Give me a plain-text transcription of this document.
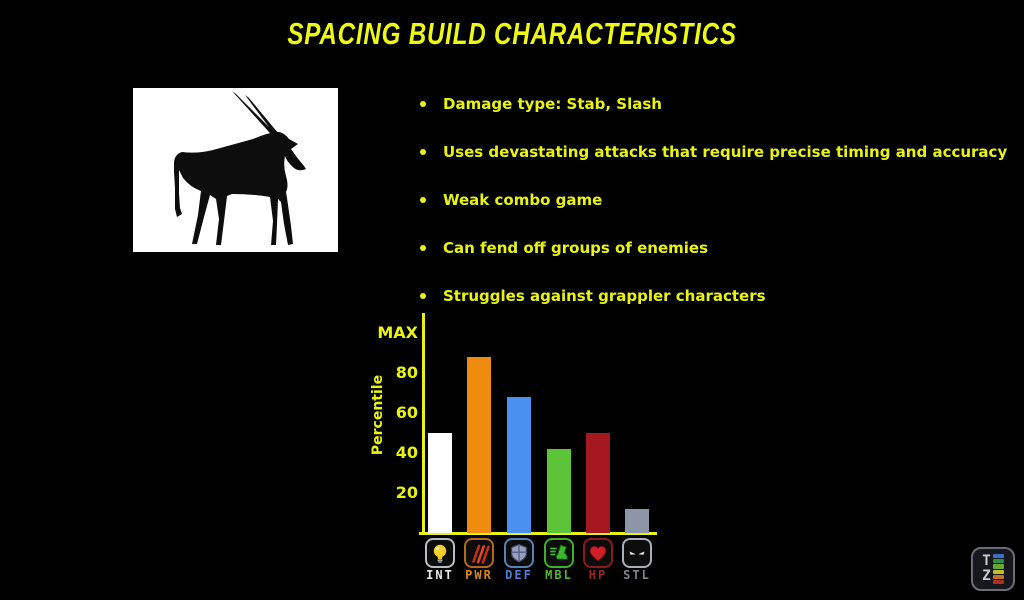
SPACING BUILD CHARACTERISTICS
Damage type: Stab, Slash
Uses devastating attacks that require precise timing and accuracy
Weak combo game
Can fend off groups of enemies
Struggles against grappler characters
Percentile
MAX
80
60
40
20
INT PWR	DEF	MBL	HP	STL
T
Z
